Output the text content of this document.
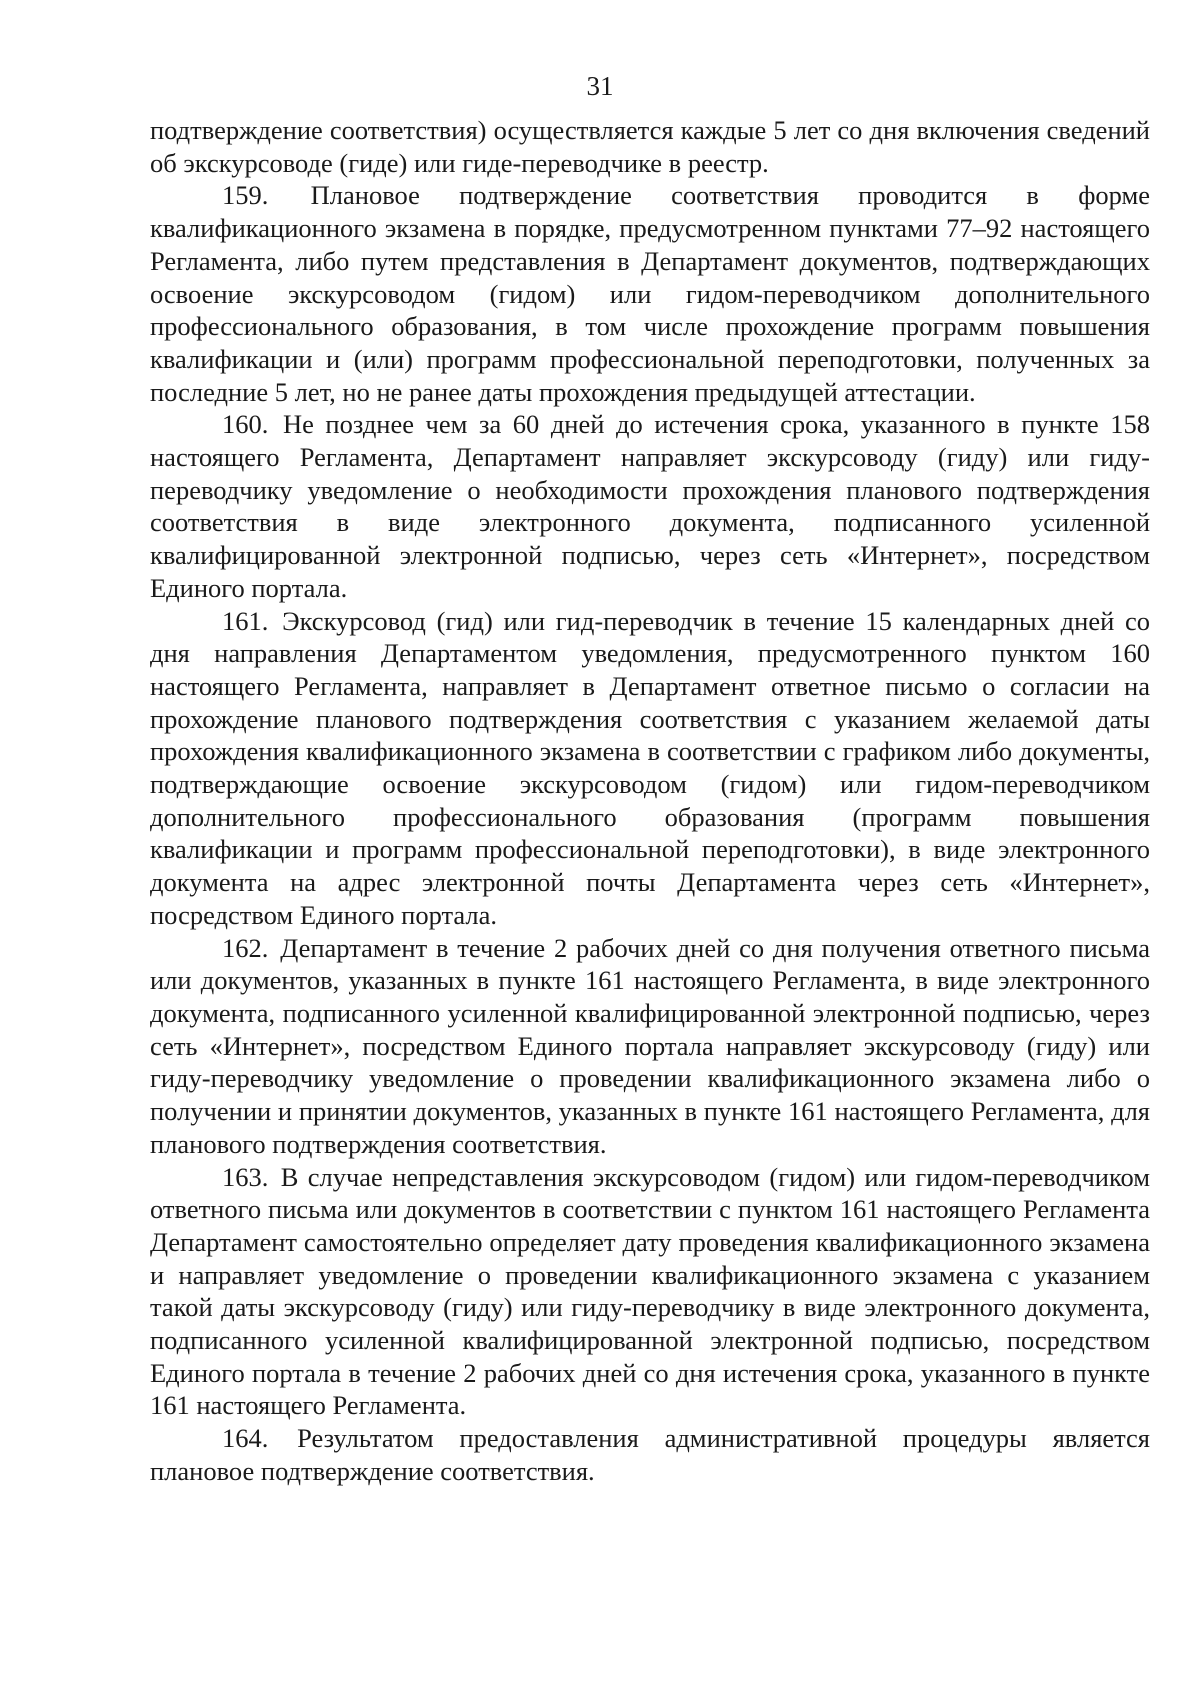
31

подтверждение соответствия) осуществляется каждые 5 лет со дня включения сведений об экскурсоводе (гиде) или гиде-переводчике в реестр.

159. Плановое подтверждение соответствия проводится в форме квалификационного экзамена в порядке, предусмотренном пунктами 77–92 настоящего Регламента, либо путем представления в Департамент документов, подтверждающих освоение экскурсоводом (гидом) или гидом-переводчиком дополнительного профессионального образования, в том числе прохождение программ повышения квалификации и (или) программ профессиональной переподготовки, полученных за последние 5 лет, но не ранее даты прохождения предыдущей аттестации.

160. Не позднее чем за 60 дней до истечения срока, указанного в пункте 158 настоящего Регламента, Департамент направляет экскурсоводу (гиду) или гиду-переводчику уведомление о необходимости прохождения планового подтверждения соответствия в виде электронного документа, подписанного усиленной квалифицированной электронной подписью, через сеть «Интернет», посредством Единого портала.

161. Экскурсовод (гид) или гид-переводчик в течение 15 календарных дней со дня направления Департаментом уведомления, предусмотренного пунктом 160 настоящего Регламента, направляет в Департамент ответное письмо о согласии на прохождение планового подтверждения соответствия с указанием желаемой даты прохождения квалификационного экзамена в соответствии с графиком либо документы, подтверждающие освоение экскурсоводом (гидом) или гидом-переводчиком дополнительного профессионального образования (программ повышения квалификации и программ профессиональной переподготовки), в виде электронного документа на адрес электронной почты Департамента через сеть «Интернет», посредством Единого портала.

162. Департамент в течение 2 рабочих дней со дня получения ответного письма или документов, указанных в пункте 161 настоящего Регламента, в виде электронного документа, подписанного усиленной квалифицированной электронной подписью, через сеть «Интернет», посредством Единого портала направляет экскурсоводу (гиду) или гиду-переводчику уведомление о проведении квалификационного экзамена либо о получении и принятии документов, указанных в пункте 161 настоящего Регламента, для планового подтверждения соответствия.

163. В случае непредставления экскурсоводом (гидом) или гидом-переводчиком ответного письма или документов в соответствии с пунктом 161 настоящего Регламента Департамент самостоятельно определяет дату проведения квалификационного экзамена и направляет уведомление о проведении квалификационного экзамена с указанием такой даты экскурсоводу (гиду) или гиду-переводчику в виде электронного документа, подписанного усиленной квалифицированной электронной подписью, посредством Единого портала в течение 2 рабочих дней со дня истечения срока, указанного в пункте 161 настоящего Регламента.

164. Результатом предоставления административной процедуры является плановое подтверждение соответствия.
